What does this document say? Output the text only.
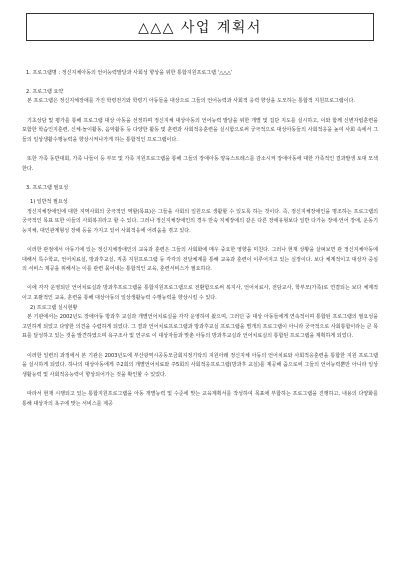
△△△ 사업 계획서

1. 프로그램명 : 정신지체아동의 언어능력발달과 사회성 향상을 위한 통합지원프로그램 ‘△△△’

2. 프로그램 요약

본 프로그램은 정신지체장애를 가진 학령전기와 학령기 아동들을 대상으로 그들의 언어능력과 사회적 응력 향상을 도모하는 통합적 지원프로그램이다.

기초상담 및 평가를 통해 프로그램 대상 아동을 선정하며 정신지체 대상아동의 언어능력 발달을 위한 개별 및 집단 지도를 실시하고, 이와 함께 신변자립훈련을 포함한 학습인지훈련, 신체·놀이활동, 음악활동 등 다양한 활동 및 훈련과 사회적응훈련을 실시함으로써 궁극적으로 대상아동들의 사회적응을 높여 사회 속에서 그들의 일상생활수행능력을 향상시켜나가게 하는 통합적인 프로그램이다.

또한 가족 동반대회, 가족 나들이 등 부모 및 가족 지원프로그램을 통해 그들의 장애아동 양육스트레스를 감소시켜 장애아동에 대한 가족적인 결과발생 토대 모색한다.

3. 프로그램 필요성

1) 일반적 필요성

정신지체장애인에 대한 지역사회의 궁극적인 역할(목표)은 그들을 사회의 일원으로 생활할 수 있도록 하는 것이다. 즉, 정신지체장애인을 명조하는 프로그램의 궁극적인 목표 또한 이들의 사회복귀라고 할 수 있다. 그러나 정신지체장애인의 경우 만숙 지체장애의 같은 다른 장애유형보다 일반 다가능 장애·언어 장애, 운동기능지체, 대인관계형성 장애 등을 가지고 있어 사회적응에 어려움을 겪고 있다.

이러한 관점에서 아동기에 있는 정신지체장애인의 교육과 훈련은 그들의 사회화에 매우 중요한 영향을 미친다. 그러나 현재 상황을 살펴보면 관 정신지체아동에 대해서 특수학교, 언어치료실, 방과후교실, 직종 지원프로그램 등 각각의 전달체계를 통해 교육과 훈련이 이루어지고 있는 실정이다. 보다 체계적이고 대상자 중심의 서비스 제공을 위해서는 이를 관련 묶어내는 통합적인 교육, 훈련서비스가 필요하다.

이에 각각 운영되던 언어치료실과 방과후프로그램을 통합지원프로그램으로 전환함으로써 복지사, 언어치료사, 전담교사, 학부모(가족)로 연결되는 보다 체계적이고 포괄적인 교육, 훈련을 통해 대상아동의 일상생활능력 수행능력을 향상시킬 수 있다.

2) 프로그램 실시현황

본 기관에서는 2002년도 장애아동 방과후 교실과 개별언어치료실을 각각 운영하여 왔으며, 그러던 중 대상 아동들에게 연속적이며 통합된 프로그램의 필요성을 고민하게 되었고 다양한 의견을 수렴하게 되었다. 그 결과 언어치료프로그램과 방과후교실 프로그램을 별개의 프로그램이 아니라 궁극적으로 사회통합이라는 큰 목표를 달성하고 있는 것을 발견하였으며 욕구조사 및 연구로 이 대상자들과 맞춘 아동의 방과후교실과 언어치료실의 통합된 프로그램을 계획하게 되었다.

이러한 일련의 과정에서 본 기관은 2003년도에 부산광역시공동모금회지정기탁의 지원아래 정신지체 아동의 언어치료와 사회적응훈련을 통합한 지원 프로그램을 실시하게 되었다. 하나의 대상아동에게 주2회의 개별언어치료와 주5회의 사회적응프로그램(방과후 교실)를 제공해 줌으로써 그들의 언어능력뿐만 아니라 일상생활능력 및 사회적응능력이 향상되어가는 것을 확인할 수 있었다.

따라서 현재 시행되고 있는 통합지원프로그램을 아동 개별능력 및 수준에 맞는 교육계획서를 작성하여 목표에 부합하는 프로그램을 진행하고, 내용의 다양화를 통해 대상자의 욕구에 맞는 서비스를 제공
